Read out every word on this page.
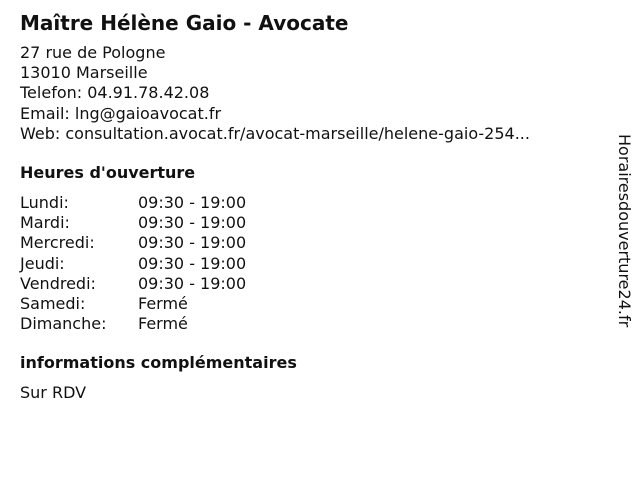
Maître Hélène Gaio - Avocate
27 rue de Pologne
13010 Marseille
Telefon: 04.91.78.42.08
Email: lng@gaioavocat.fr
Web: consultation.avocat.fr/avocat-marseille/helene-gaio-254...
Heures d'ouverture
Lundi:	09:30 - 19:00
Mardi:	09:30 - 19:00
Mercredi:	09:30 - 19:00
Jeudi:	09:30 - 19:00
Vendredi:	09:30 - 19:00
Samedi:	Fermé
Dimanche:	Fermé
informations complémentaires
Sur RDV
Horairesdouverture24.fr
